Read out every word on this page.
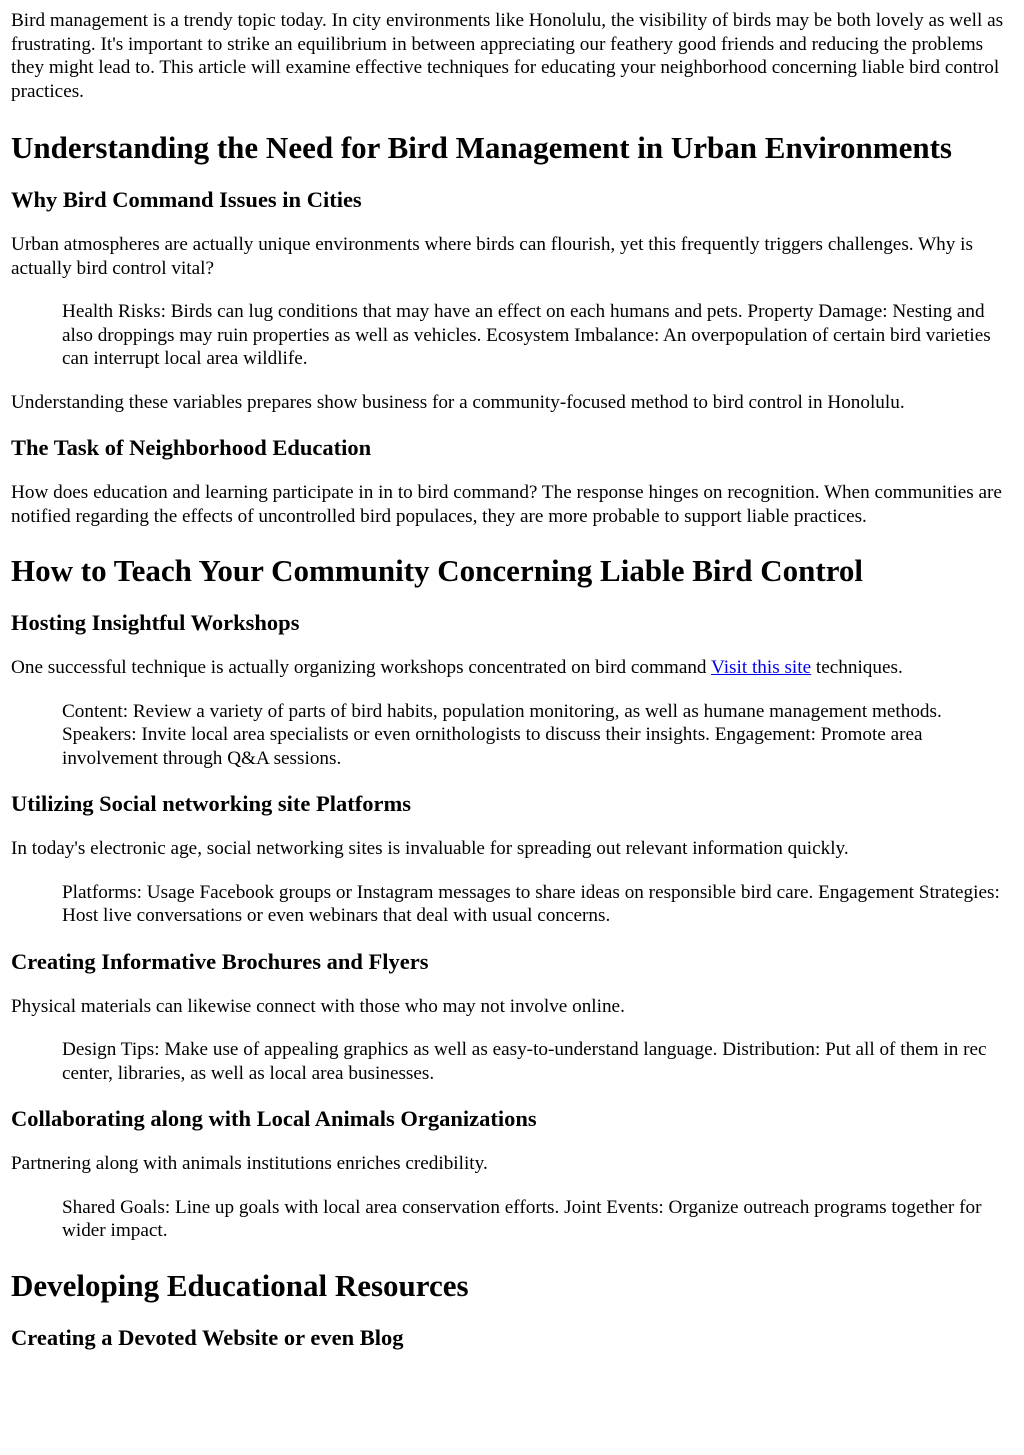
Bird management is a trendy topic today. In city environments like Honolulu, the visibility of birds may be both lovely as well as frustrating. It's important to strike an equilibrium in between appreciating our feathery good friends and reducing the problems they might lead to. This article will examine effective techniques for educating your neighborhood concerning liable bird control practices.

Understanding the Need for Bird Management in Urban Environments
Why Bird Command Issues in Cities

Urban atmospheres are actually unique environments where birds can flourish, yet this frequently triggers challenges. Why is actually bird control vital?

Health Risks: Birds can lug conditions that may have an effect on each humans and pets. Property Damage: Nesting and also droppings may ruin properties as well as vehicles. Ecosystem Imbalance: An overpopulation of certain bird varieties can interrupt local area wildlife.

Understanding these variables prepares show business for a community-focused method to bird control in Honolulu.

The Task of Neighborhood Education

How does education and learning participate in in to bird command? The response hinges on recognition. When communities are notified regarding the effects of uncontrolled bird populaces, they are more probable to support liable practices.

How to Teach Your Community Concerning Liable Bird Control
Hosting Insightful Workshops

One successful technique is actually organizing workshops concentrated on bird command Visit this site techniques.

Content: Review a variety of parts of bird habits, population monitoring, as well as humane management methods. Speakers: Invite local area specialists or even ornithologists to discuss their insights. Engagement: Promote area involvement through Q&A sessions.

Utilizing Social networking site Platforms

In today's electronic age, social networking sites is invaluable for spreading out relevant information quickly.

Platforms: Usage Facebook groups or Instagram messages to share ideas on responsible bird care. Engagement Strategies: Host live conversations or even webinars that deal with usual concerns.

Creating Informative Brochures and Flyers

Physical materials can likewise connect with those who may not involve online.

Design Tips: Make use of appealing graphics as well as easy-to-understand language. Distribution: Put all of them in rec center, libraries, as well as local area businesses.

Collaborating along with Local Animals Organizations

Partnering along with animals institutions enriches credibility.

Shared Goals: Line up goals with local area conservation efforts. Joint Events: Organize outreach programs together for wider impact.

Developing Educational Resources
Creating a Devoted Website or even Blog
